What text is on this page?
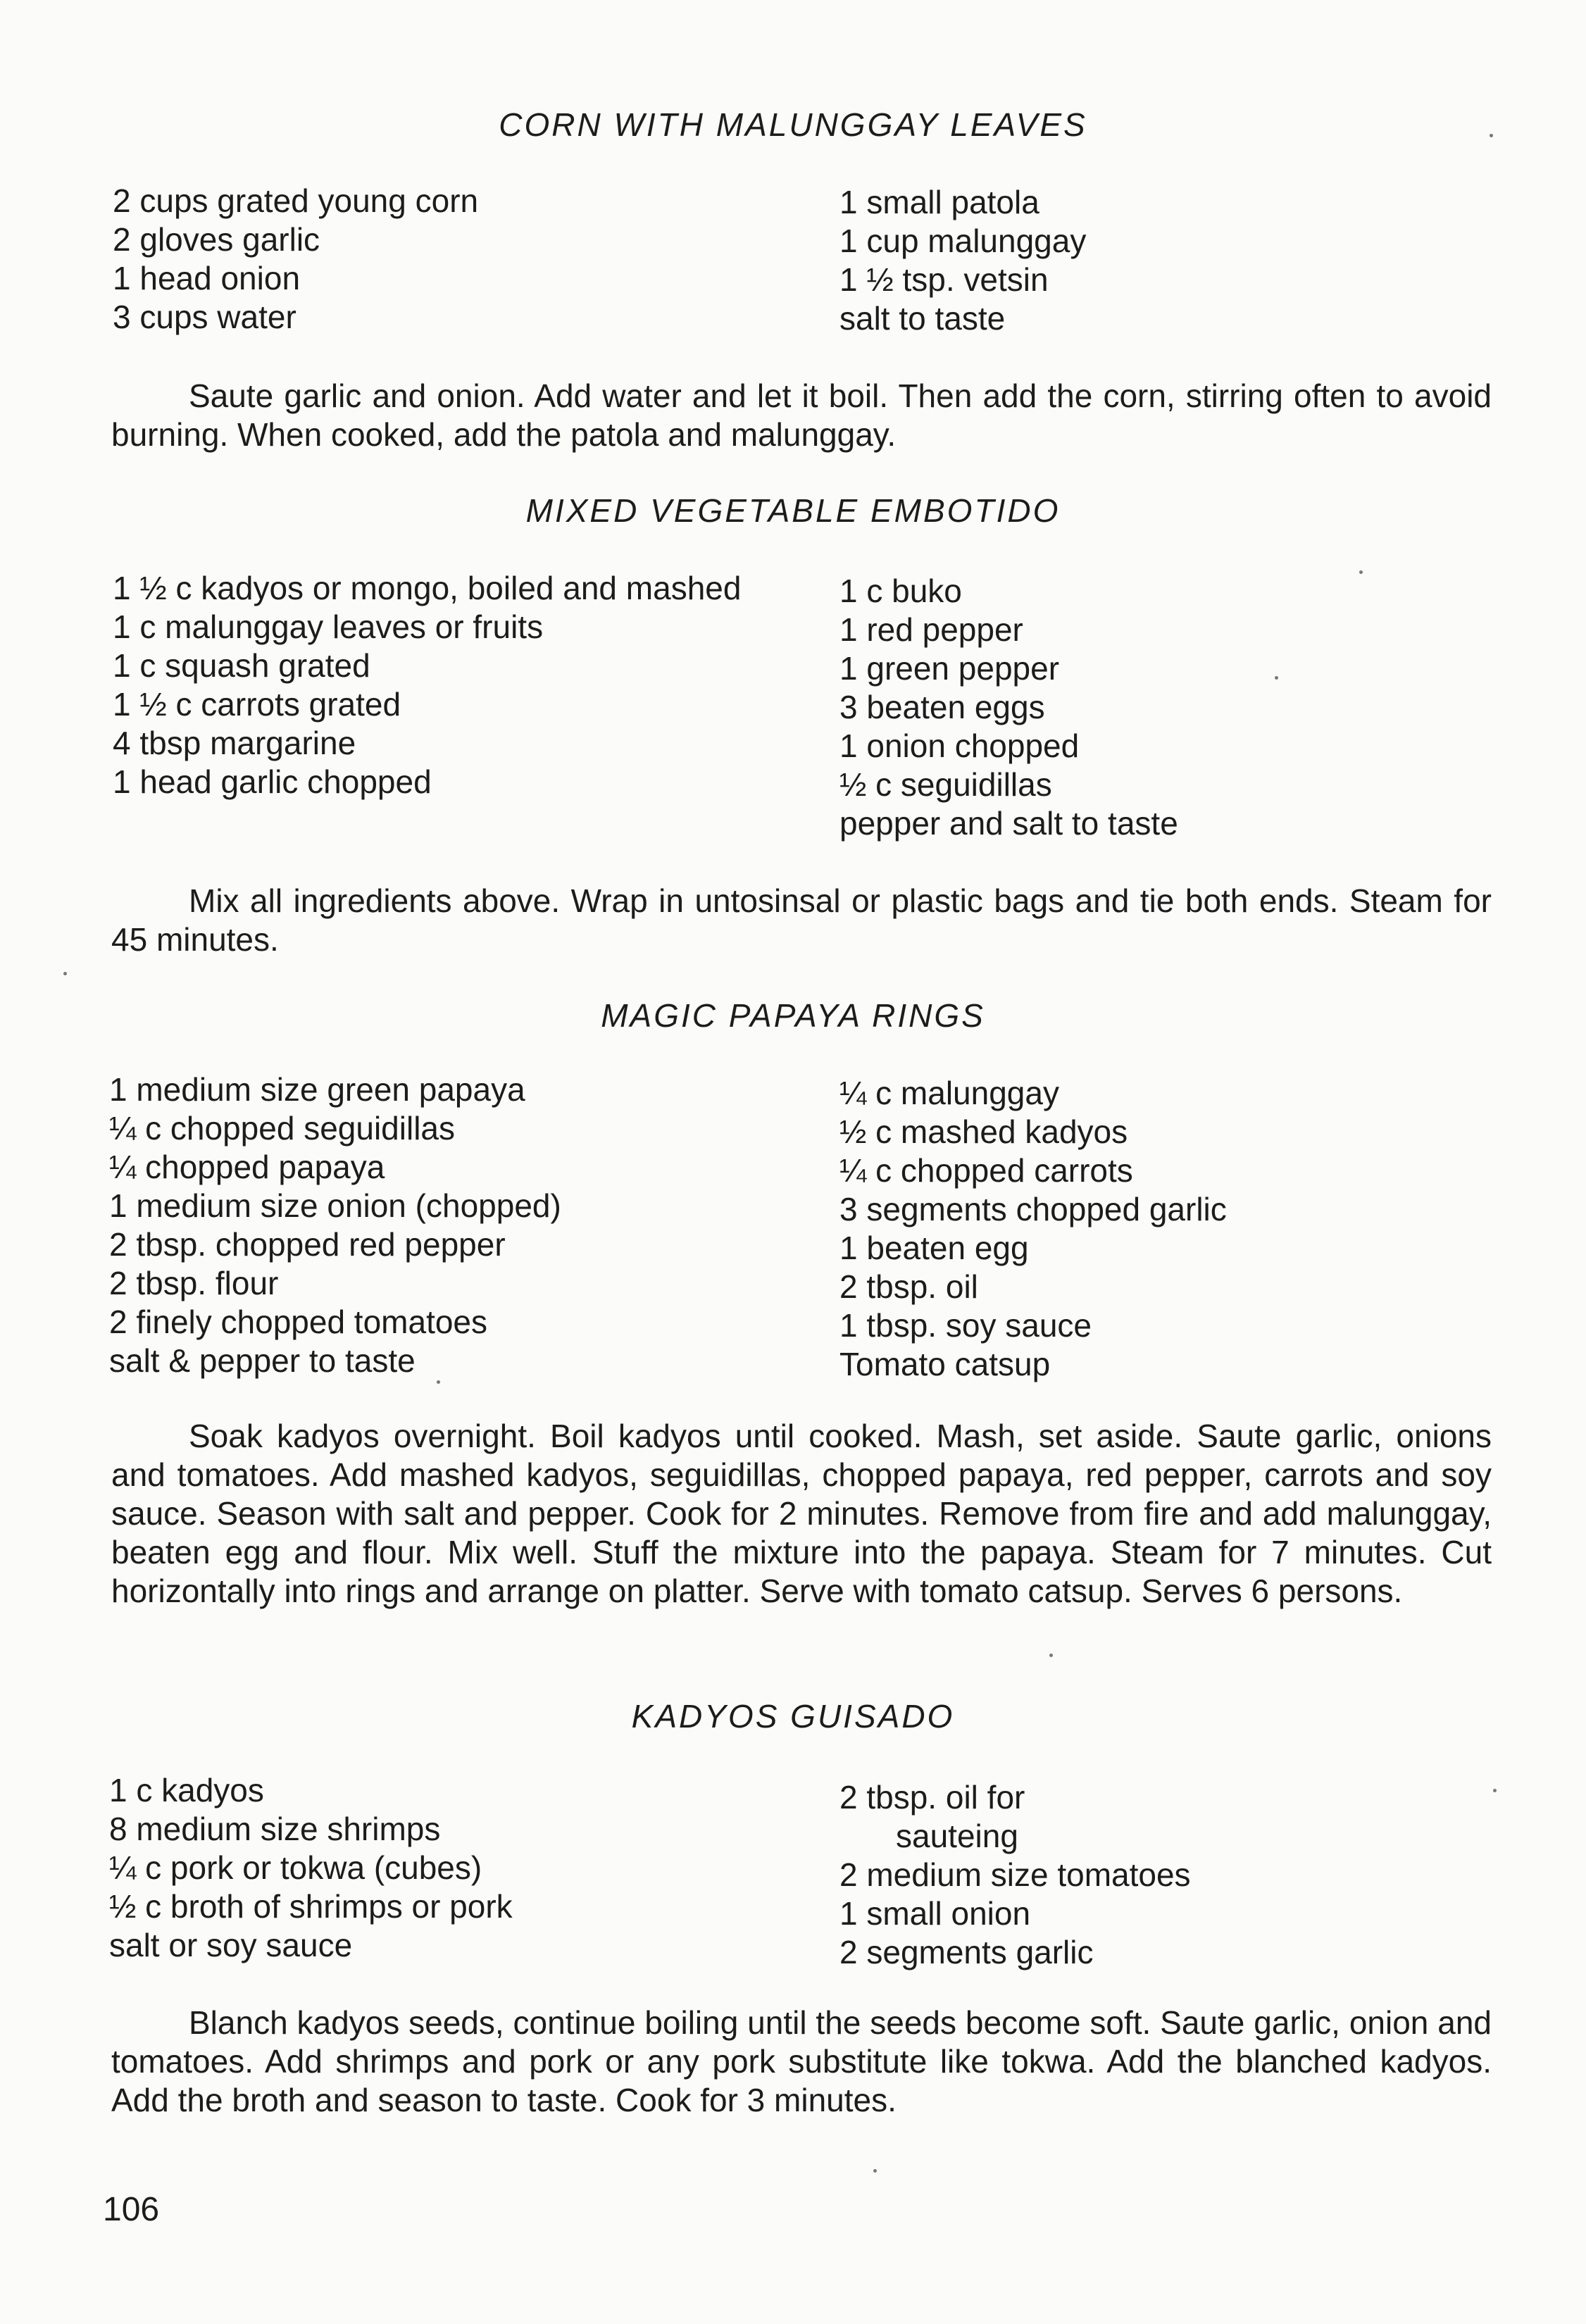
CORN WITH MALUNGGAY LEAVES
2 cups grated young corn
2 gloves garlic
1 head onion
3 cups water
1 small patola
1 cup malunggay
1 ½ tsp. vetsin
salt to taste

Saute garlic and onion. Add water and let it boil. Then add the corn, stirring often to avoid burning. When cooked, add the patola and malunggay.

MIXED VEGETABLE EMBOTIDO
1 ½ c kadyos or mongo, boiled and mashed
1 c malunggay leaves or fruits
1 c squash grated
1 ½ c carrots grated
4 tbsp margarine
1 head garlic chopped
1 c buko
1 red pepper
1 green pepper
3 beaten eggs
1 onion chopped
½ c seguidillas
pepper and salt to taste

Mix all ingredients above. Wrap in untosinsal or plastic bags and tie both ends. Steam for 45 minutes.

MAGIC PAPAYA RINGS
1 medium size green papaya
¼ c chopped seguidillas
¼ chopped papaya
1 medium size onion (chopped)
2 tbsp. chopped red pepper
2 tbsp. flour
2 finely chopped tomatoes
salt & pepper to taste
¼ c malunggay
½ c mashed kadyos
¼ c chopped carrots
3 segments chopped garlic
1 beaten egg
2 tbsp. oil
1 tbsp. soy sauce
Tomato catsup

Soak kadyos overnight. Boil kadyos until cooked. Mash, set aside. Saute garlic, onions and tomatoes. Add mashed kadyos, seguidillas, chopped papaya, red pepper, carrots and soy sauce. Season with salt and pepper. Cook for 2 minutes. Remove from fire and add malunggay, beaten egg and flour. Mix well. Stuff the mixture into the papaya. Steam for 7 minutes. Cut horizontally into rings and arrange on platter. Serve with tomato catsup. Serves 6 persons.

KADYOS GUISADO
1 c kadyos
8 medium size shrimps
¼ c pork or tokwa (cubes)
½ c broth of shrimps or pork
salt or soy sauce
2 tbsp. oil for
sauteing
2 medium size tomatoes
1 small onion
2 segments garlic

Blanch kadyos seeds, continue boiling until the seeds become soft. Saute garlic, onion and tomatoes. Add shrimps and pork or any pork substitute like tokwa. Add the blanched kadyos. Add the broth and season to taste. Cook for 3 minutes.

106
